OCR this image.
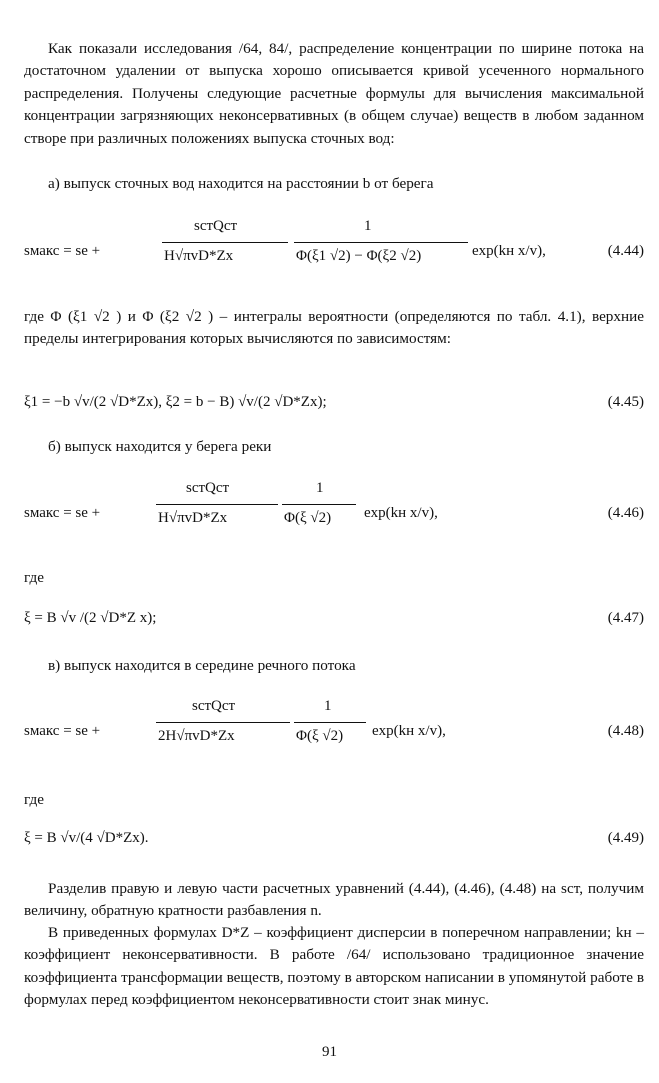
Как показали исследования /64, 84/, распределение концентрации по ширине потока на достаточном удалении от выпуска хорошо описывается кривой усеченного нормального распределения. Получены следующие расчетные формулы для вычисления максимальной концентрации загрязняющих неконсервативных (в общем случае) веществ в любом заданном створе при различных положениях выпуска сточных вод:
а) выпуск сточных вод находится на расстоянии b от берега
sмакс = se +
sстQст
H√πvD*Zx
1
Φ(ξ1 √2) − Φ(ξ2 √2)	exp(kн x/v),	(4.44)
где Φ (ξ1 √2 ) и Φ (ξ2 √2 ) – интегралы вероятности (определяются по табл. 4.1), верхние пределы интегрирования которых вычисляются по зависимостям:
ξ1 = −b √v/(2 √D*Zx), ξ2 = b − B) √v/(2 √D*Zx);	(4.45)
б) выпуск находится у берега реки
sмакс = se +
sстQст
H√πvD*Zx
1
Φ(ξ √2) exp(kн x/v),	(4.46)
где
ξ = B √v /(2 √D*Z x);	(4.47)
в) выпуск находится в середине речного потока
sмакс = se +
sстQст
2H√πvD*Zx
1
Φ(ξ √2) exp(kн x/v),	(4.48)
где
ξ = B √v/(4 √D*Zx).	(4.49)
Разделив правую и левую части расчетных уравнений (4.44), (4.46), (4.48) на sст, получим величину, обратную кратности разбавления n.
В приведенных формулах D*Z – коэффициент дисперсии в поперечном направлении; kн – коэффициент неконсервативности. В работе /64/ использовано традиционное значение коэффициента трансформации веществ, поэтому в авторском написании в упомянутой работе в формулах перед коэффициентом неконсервативности стоит знак минус.
91
